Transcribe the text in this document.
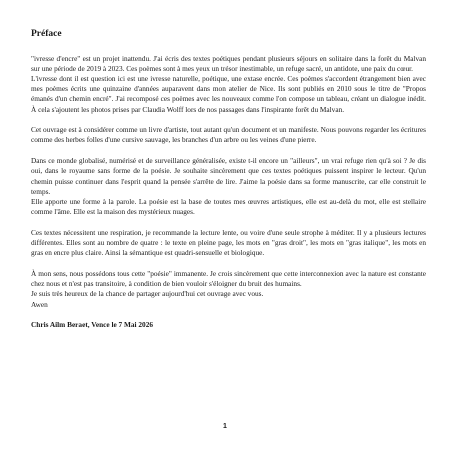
Préface
"ivresse d'encre" est un projet inattendu. J'ai écris des textes poétiques pendant plusieurs séjours en solitaire dans la forêt du Malvan sur une période de 2019 à 2023. Ces poèmes sont à mes yeux un trésor inestimable, un refuge sacré, un antidote, une paix du cœur.
L'ivresse dont il est question ici est une ivresse naturelle, poétique, une extase encrée. Ces poèmes s'accordent étrangement bien avec mes poèmes écrits une quinzaine d'années auparavent dans mon atelier de Nice. Ils sont publiés en 2010 sous le titre de "Propos émanés d'un chemin encré". J'ai recomposé ces poèmes avec les nouveaux comme l'on compose un tableau, créant un dialogue inédit. À cela s'ajoutent les photos prises par Claudia Wolff lors de nos passages dans l'inspirante forêt du Malvan.
Cet ouvrage est à considérer comme un livre d'artiste, tout autant qu'un document et un manifeste. Nous pouvons regarder les écritures comme des herbes folles d'une cursive sauvage, les branches d'un arbre ou les veines d'une pierre.
Dans ce monde globalisé, numérisé et de surveillance généralisée, existe t-il encore un "ailleurs", un vrai refuge rien qu'à soi ? Je dis oui, dans le royaume sans forme de la poésie. Je souhaite sincèrement que ces textes poétiques puissent inspirer le lecteur. Qu'un chemin puisse continuer dans l'esprit quand la pensée s'arrête de lire. J'aime la poésie dans sa forme manuscrite, car elle construit le temps.
Elle apporte une forme à la parole. La poésie est la base de toutes mes œuvres artistiques, elle est au-delà du mot, elle est stellaire comme l'âme. Elle est la maison des mystérieux nuages.
Ces textes nécessitent une respiration, je recommande la lecture lente, ou voire d'une seule strophe à méditer. Il y a plusieurs lectures différentes. Elles sont au nombre de quatre : le texte en pleine page, les mots en "gras droit", les mots en "gras italique", les mots en gras en encre plus claire. Ainsi la sémantique est quadri-sensuelle et biologique.
À mon sens, nous possédons tous cette "poésie" immanente. Je crois sincèrement que cette interconnexion avec la nature est constante chez nous et n'est pas transitoire, à condition de bien vouloir s'éloigner du bruit des humains.
Je suis très heureux de la chance de partager aujourd'hui cet ouvrage avec vous.
Awen
Chris Ailm Beraet, Vence le 7 Mai 2026
1
